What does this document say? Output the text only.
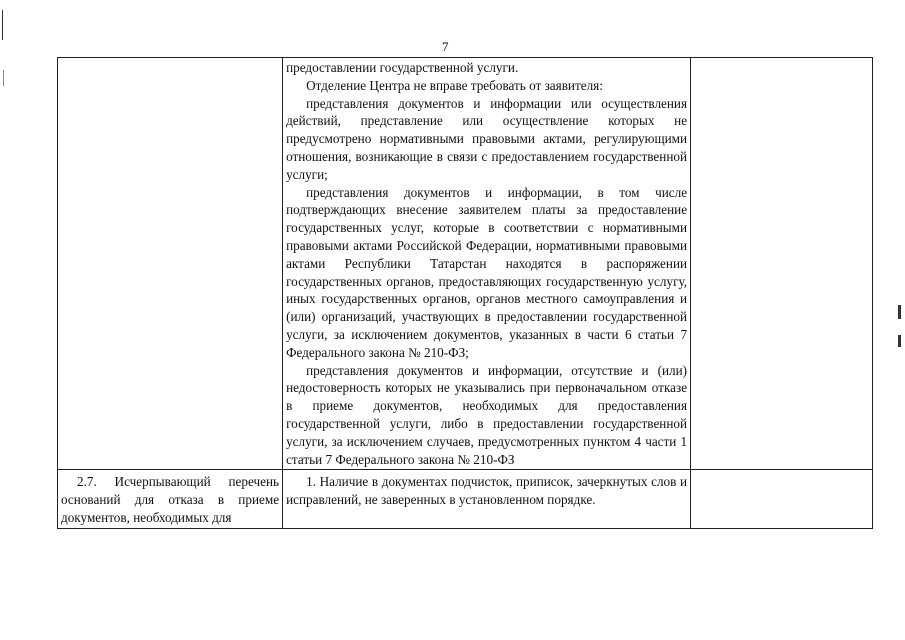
7

	предоставлении государственной услуги.

Отделение Центра не вправе требовать от заявителя:

представления документов и информации или осуществления действий, представление или осуществление которых не предусмотрено нормативными правовыми актами, регулирующими отношения, возникающие в связи с предоставлением государственной услуги;

представления документов и информации, в том числе подтверждающих внесение заявителем платы за предоставление государственных услуг, которые в соответствии с нормативными правовыми актами Российской Федерации, нормативными правовыми актами Республики Татарстан находятся в распоряжении государственных органов, предоставляющих государственную услугу, иных государственных органов, органов местного самоуправления и (или) организаций, участвующих в предоставлении государственной услуги, за исключением документов, указанных в части 6 статьи 7 Федерального закона № 210-ФЗ;

представления документов и информации, отсутствие и (или) недостоверность которых не указывались при первоначальном отказе в приеме документов, необходимых для предоставления государственной услуги, либо в предоставлении государственной услуги, за исключением случаев, предусмотренных пунктом 4 части 1 статьи 7 Федерального закона № 210-ФЗ	

2.7. Исчерпывающий перечень оснований для отказа в приеме документов, необходимых для	1. Наличие в документах подчисток, приписок, зачеркнутых слов и исправлений, не заверенных в установленном порядке.	
